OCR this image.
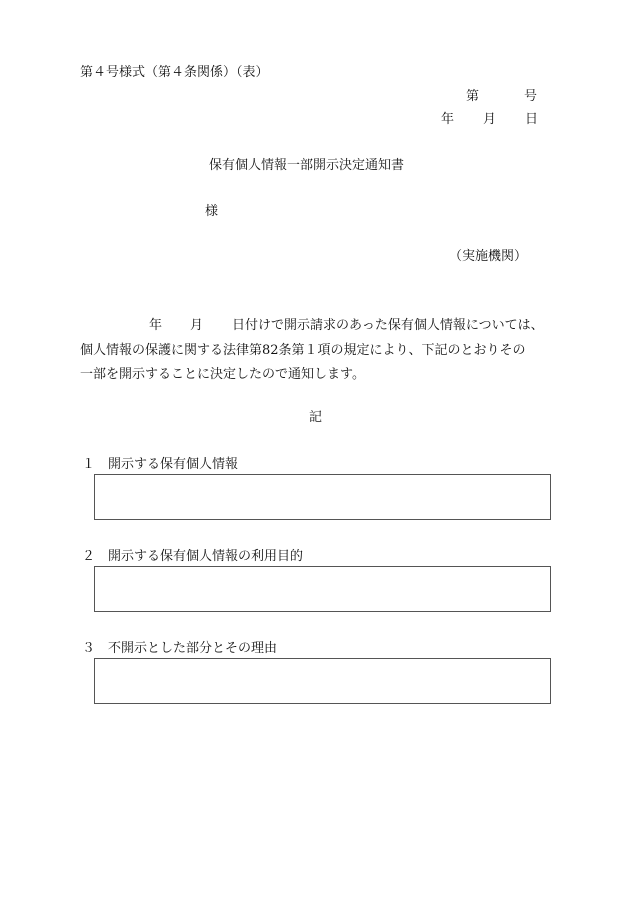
第４号様式（第４条関係）（表）
第	号
年 月 日
保有個人情報一部開示決定通知書
様
（実施機関）
年 月 日付けで開示請求のあった保有個人情報については、
個人情報の保護に関する法律第82条第１項の規定により、下記のとおりその
一部を開示することに決定したので通知します。
記
１ 開示する保有個人情報
２ 開示する保有個人情報の利用目的
３ 不開示とした部分とその理由
